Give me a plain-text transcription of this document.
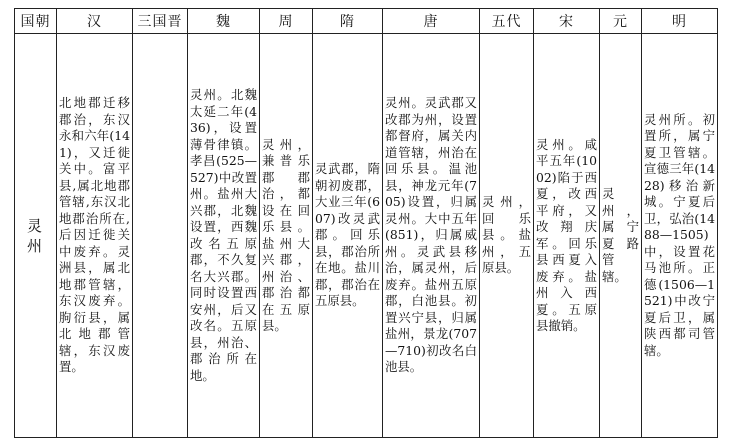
国朝	汉	三国晋	魏	周	隋	唐	五代	宋	元	明

灵州	北地郡迁移郡治，东汉永和六年(141)，又迁徙关中。富平县,属北地郡管辖,东汉北地郡治所在,后因迁徙关中废弃。灵洲县，属北地郡管辖，东汉废弃。朐衍县，属北地郡管辖，东汉废置。		灵州。北魏太延二年(436)，设置薄骨律镇。孝昌(525—527)中改置州。盐州大兴郡，北魏设置，西魏改名五原郡，不久复名大兴郡。同时设置西安州，后又改名。五原县，州治、郡治所在地。	灵州，兼普乐郡郡治，都设在回乐县。盐州大兴郡，州治、郡治都在五原县。	灵武郡，隋朝初废郡，大业三年(607)改灵武郡。回乐县，郡治所在地。盐川郡，郡治在五原县。	灵州。灵武郡又改郡为州，设置都督府，属关内道管辖，州治在回乐县。温池县，神龙元年(705)设置，归属灵州。大中五年(851)，归属威州。灵武县移治，属灵州，后废弃。盐州五原郡，白池县。初置兴宁县，归属盐州，景龙(707—710)初改名白池县。	灵州，回乐县。盐州，五原县。	灵州。咸平五年(1002)陷于西夏，改西平府，又改翔庆军。回乐县西夏入废弃。盐州入西夏。五原县撤销。	灵州，属宁夏路管辖。	灵州所。初置所，属宁夏卫管辖。宣德三年(1428)移治新城。宁夏后卫，弘治(1488—1505)中，设置花马池所。正德(1506—1521)中改宁夏后卫，属陕西都司管辖。
